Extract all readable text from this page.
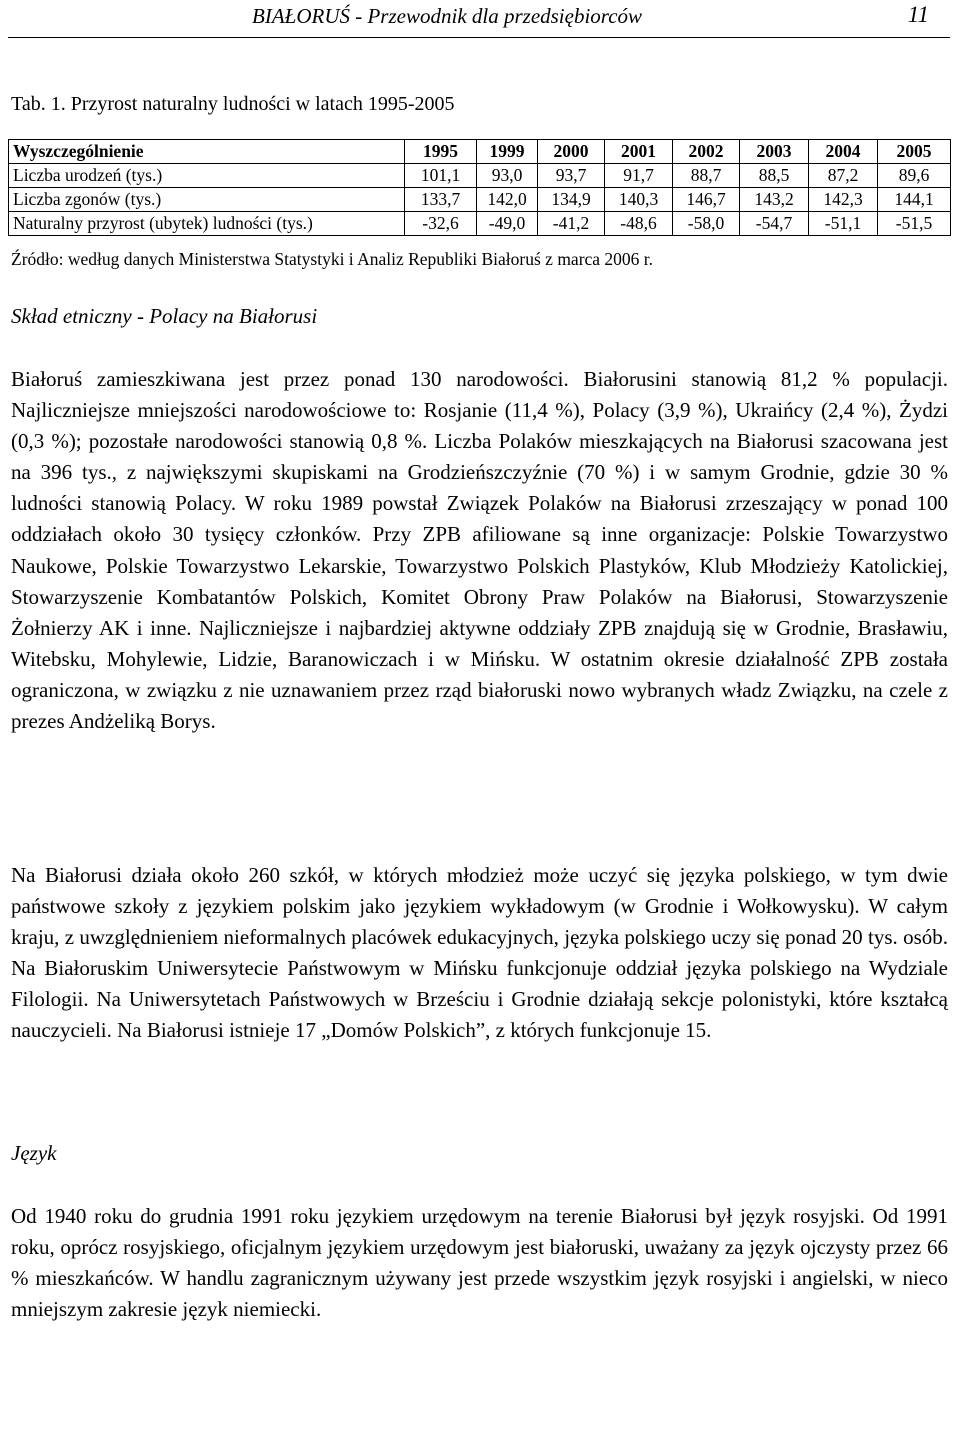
BIAŁORUŚ - Przewodnik dla przedsiębiorców	11
Tab. 1. Przyrost naturalny ludności w latach 1995-2005
Wyszczególnienie	1995	1999	2000	2001	2002	2003	2004	2005
Liczba urodzeń (tys.)	101,1	93,0	93,7	91,7	88,7	88,5	87,2	89,6
Liczba zgonów (tys.)	133,7	142,0	134,9	140,3	146,7	143,2	142,3	144,1
Naturalny przyrost (ubytek) ludności (tys.)	-32,6	-49,0	-41,2	-48,6	-58,0	-54,7	-51,1	-51,5
Źródło: według danych Ministerstwa Statystyki i Analiz Republiki Białoruś z marca 2006 r.
Skład etniczny - Polacy na Białorusi

Białoruś zamieszkiwana jest przez ponad 130 narodowości. Białorusini stanowią 81,2 % populacji. Najliczniejsze mniejszości narodowościowe to: Rosjanie (11,4 %), Polacy (3,9 %), Ukraińcy (2,4 %), Żydzi (0,3 %); pozostałe narodowości stanowią 0,8 %. Liczba Polaków mieszkających na Białorusi szacowana jest na 396 tys., z największymi skupiskami na Grodzieńszczyźnie (70 %) i w samym Grodnie, gdzie 30 % ludności stanowią Polacy. W roku 1989 powstał Związek Polaków na Białorusi zrzeszający w ponad 100 oddziałach około 30 tysięcy członków. Przy ZPB afiliowane są inne organizacje: Polskie Towarzystwo Naukowe, Polskie Towarzystwo Lekarskie, Towarzystwo Polskich Plastyków, Klub Młodzieży Katolickiej, Stowarzyszenie Kombatantów Polskich, Komitet Obrony Praw Polaków na Białorusi, Stowarzyszenie Żołnierzy AK i inne. Najliczniejsze i najbardziej aktywne oddziały ZPB znajdują się w Grodnie, Brasławiu, Witebsku, Mohylewie, Lidzie, Baranowiczach i w Mińsku. W ostatnim okresie działalność ZPB została ograniczona, w związku z nie uznawaniem przez rząd białoruski nowo wybranych władz Związku, na czele z prezes Andżeliką Borys.

Na Białorusi działa około 260 szkół, w których młodzież może uczyć się języka polskiego, w tym dwie państwowe szkoły z językiem polskim jako językiem wykładowym (w Grodnie i Wołkowysku). W całym kraju, z uwzględnieniem nieformalnych placówek edukacyjnych, języka polskiego uczy się ponad 20 tys. osób. Na Białoruskim Uniwersytecie Państwowym w Mińsku funkcjonuje oddział języka polskiego na Wydziale Filologii. Na Uniwersytetach Państwowych w Brześciu i Grodnie działają sekcje polonistyki, które kształcą nauczycieli. Na Białorusi istnieje 17 „Domów Polskich”, z których funkcjonuje 15.

Język

Od 1940 roku do grudnia 1991 roku językiem urzędowym na terenie Białorusi był język rosyjski. Od 1991 roku, oprócz rosyjskiego, oficjalnym językiem urzędowym jest białoruski, uważany za język ojczysty przez 66 % mieszkańców. W handlu zagranicznym używany jest przede wszystkim język rosyjski i angielski, w nieco mniejszym zakresie język niemiecki.
